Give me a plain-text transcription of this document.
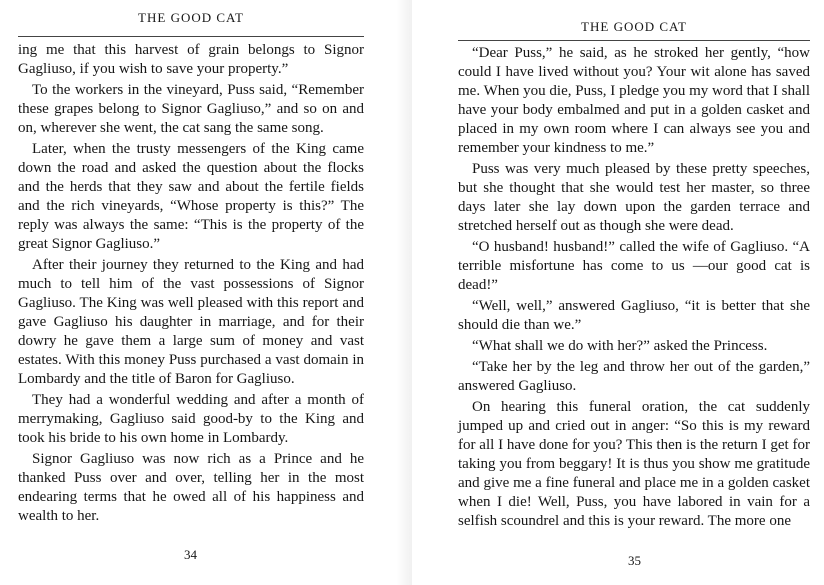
THE GOOD CAT

ing me that this harvest of grain belongs to Signor Gagliuso, if you wish to save your property.”

To the workers in the vineyard, Puss said, “Remember these grapes belong to Signor Gagliuso,” and so on and on, wherever she went, the cat sang the same song.

Later, when the trusty messengers of the King came down the road and asked the question about the flocks and the herds that they saw and about the fertile fields and the rich vineyards, “Whose property is this?” The reply was always the same: “This is the property of the great Signor Gagliuso.”

After their journey they returned to the King and had much to tell him of the vast possessions of Signor Gagliuso. The King was well pleased with this report and gave Gagliuso his daughter in marriage, and for their dowry he gave them a large sum of money and vast estates. With this money Puss purchased a vast domain in Lombardy and the title of Baron for Gagliuso.

They had a wonderful wedding and after a month of merrymaking, Gagliuso said good-by to the King and took his bride to his own home in Lombardy.

Signor Gagliuso was now rich as a Prince and he thanked Puss over and over, telling her in the most endearing terms that he owed all of his happiness and wealth to her.

34
THE GOOD CAT

“Dear Puss,” he said, as he stroked her gently, “how could I have lived without you? Your wit alone has saved me. When you die, Puss, I pledge you my word that I shall have your body embalmed and put in a golden casket and placed in my own room where I can always see you and remember your kindness to me.”

Puss was very much pleased by these pretty speeches, but she thought that she would test her master, so three days later she lay down upon the garden terrace and stretched herself out as though she were dead.

“O husband! husband!” called the wife of Gagliuso. “A terrible misfortune has come to us —our good cat is dead!”

“Well, well,” answered Gagliuso, “it is better that she should die than we.”

“What shall we do with her?” asked the Princess.

“Take her by the leg and throw her out of the garden,” answered Gagliuso.

On hearing this funeral oration, the cat suddenly jumped up and cried out in anger: “So this is my reward for all I have done for you? This then is the return I get for taking you from beggary! It is thus you show me gratitude and give me a fine funeral and place me in a golden casket when I die! Well, Puss, you have labored in vain for a selfish scoundrel and this is your reward. The more one

35
